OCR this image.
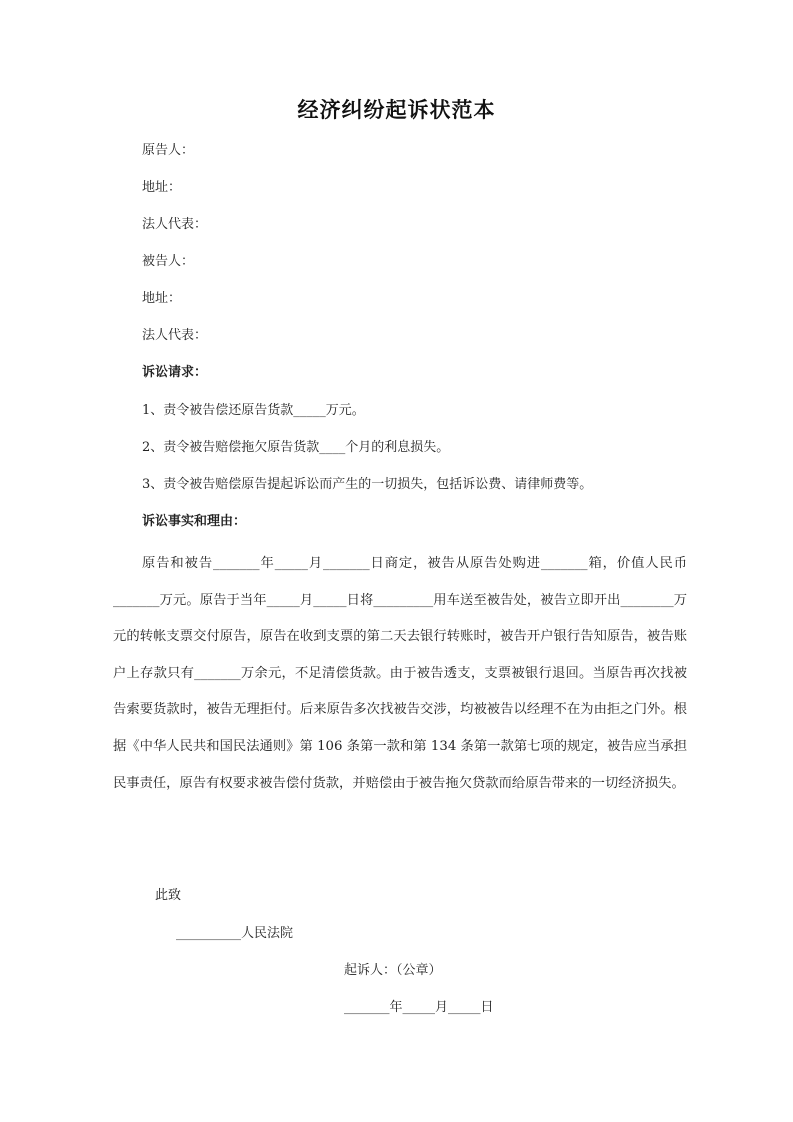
经济纠纷起诉状范本
原告人：
地址：
法人代表：
被告人：
地址：
法人代表：
诉讼请求：
1、责令被告偿还原告货款_____万元。
2、责令被告赔偿拖欠原告货款____个月的利息损失。
3、责令被告赔偿原告提起诉讼而产生的一切损失，包括诉讼费、请律师费等。
诉讼事实和理由：

原告和被告_______年_____月_______日商定，被告从原告处购进_______箱，价值人民币_______万元。原告于当年_____月_____日将_________用车送至被告处，被告立即开出________万元的转帐支票交付原告，原告在收到支票的第二天去银行转账时，被告开户银行告知原告，被告账户上存款只有_______万余元，不足清偿货款。由于被告透支，支票被银行退回。当原告再次找被告索要货款时，被告无理拒付。后来原告多次找被告交涉，均被被告以经理不在为由拒之门外。根据《中华人民共和国民法通则》第 106 条第一款和第 134 条第一款第七项的规定，被告应当承担民事责任，原告有权要求被告偿付货款，并赔偿由于被告拖欠贷款而给原告带来的一切经济损失。

此致
__________人民法院
起诉人：（公章）
_______年_____月_____日
